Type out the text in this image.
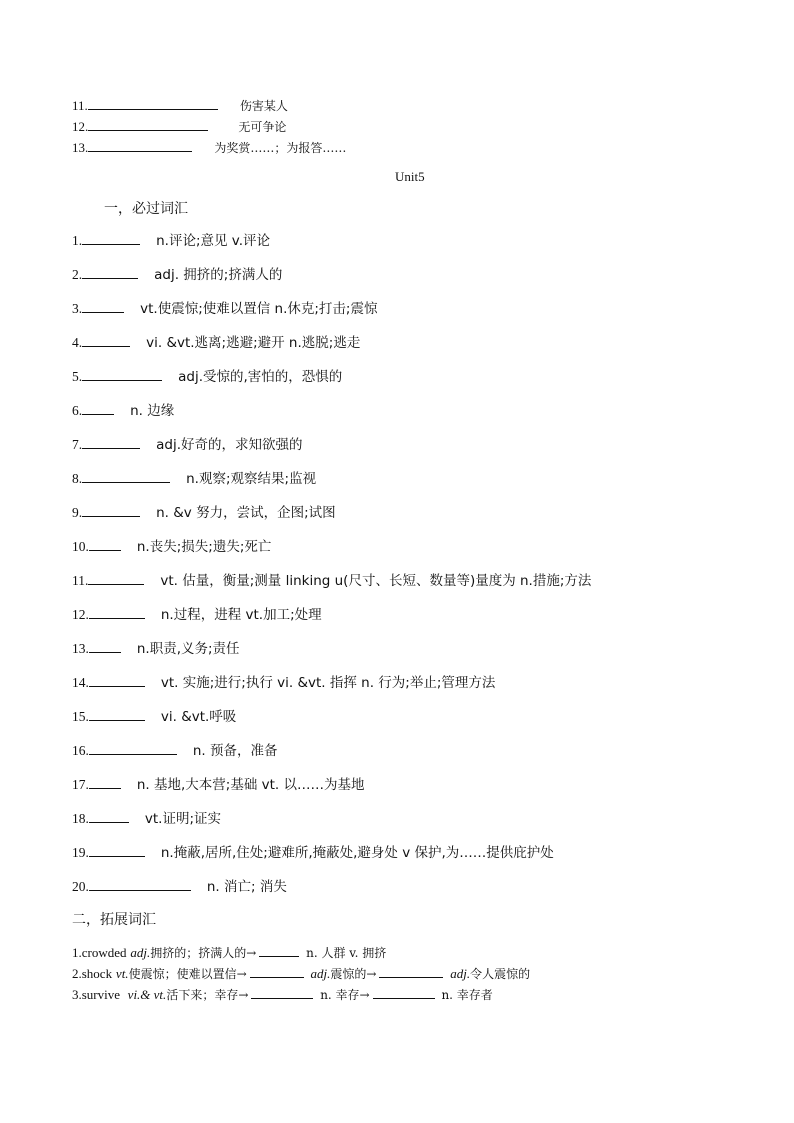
11.	伤害某人
12.	无可争论
13.	为奖赏……；为报答……
Unit5
一，必过词汇
1.	n.评论;意见 v.评论
2.	adj. 拥挤的;挤满人的
3.	vt.使震惊;使难以置信 n.休克;打击;震惊
4.	vi. &vt.逃离;逃避;避开 n.逃脱;逃走
5.	adj.受惊的,害怕的，恐惧的
6.	n. 边缘
7.	adj.好奇的，求知欲强的
8.	n.观察;观察结果;监视
9.	n. &v 努力，尝试，企图;试图
10.	n.丧失;损失;遗失;死亡
11.	vt. 估量，衡量;测量 linking u(尺寸、长短、数量等)量度为 n.措施;方法
12.	n.过程，进程 vt.加工;处理
13.	n.职责,义务;责任
14.	vt. 实施;进行;执行 vi. &vt. 指挥 n. 行为;举止;管理方法
15.	vi. &vt.呼吸
16.	n. 预备，准备
17.	n. 基地,大本营;基础 vt. 以……为基地
18.	vt.证明;证实
19.	n.掩蔽,居所,住处;避难所,掩蔽处,避身处 v 保护,为……提供庇护处
20.	n. 消亡; 消失
二，拓展词汇
1. crowded
adj. 拥挤的；挤满人的→
	n. 人群 v. 拥挤
2. shock
vt. 使震惊；使难以置信→
	adj. 震惊的→
	adj. 令人震惊的
3. survive
vi.& vt. 活下来；幸存→
	n. 幸存→
	n. 幸存者
